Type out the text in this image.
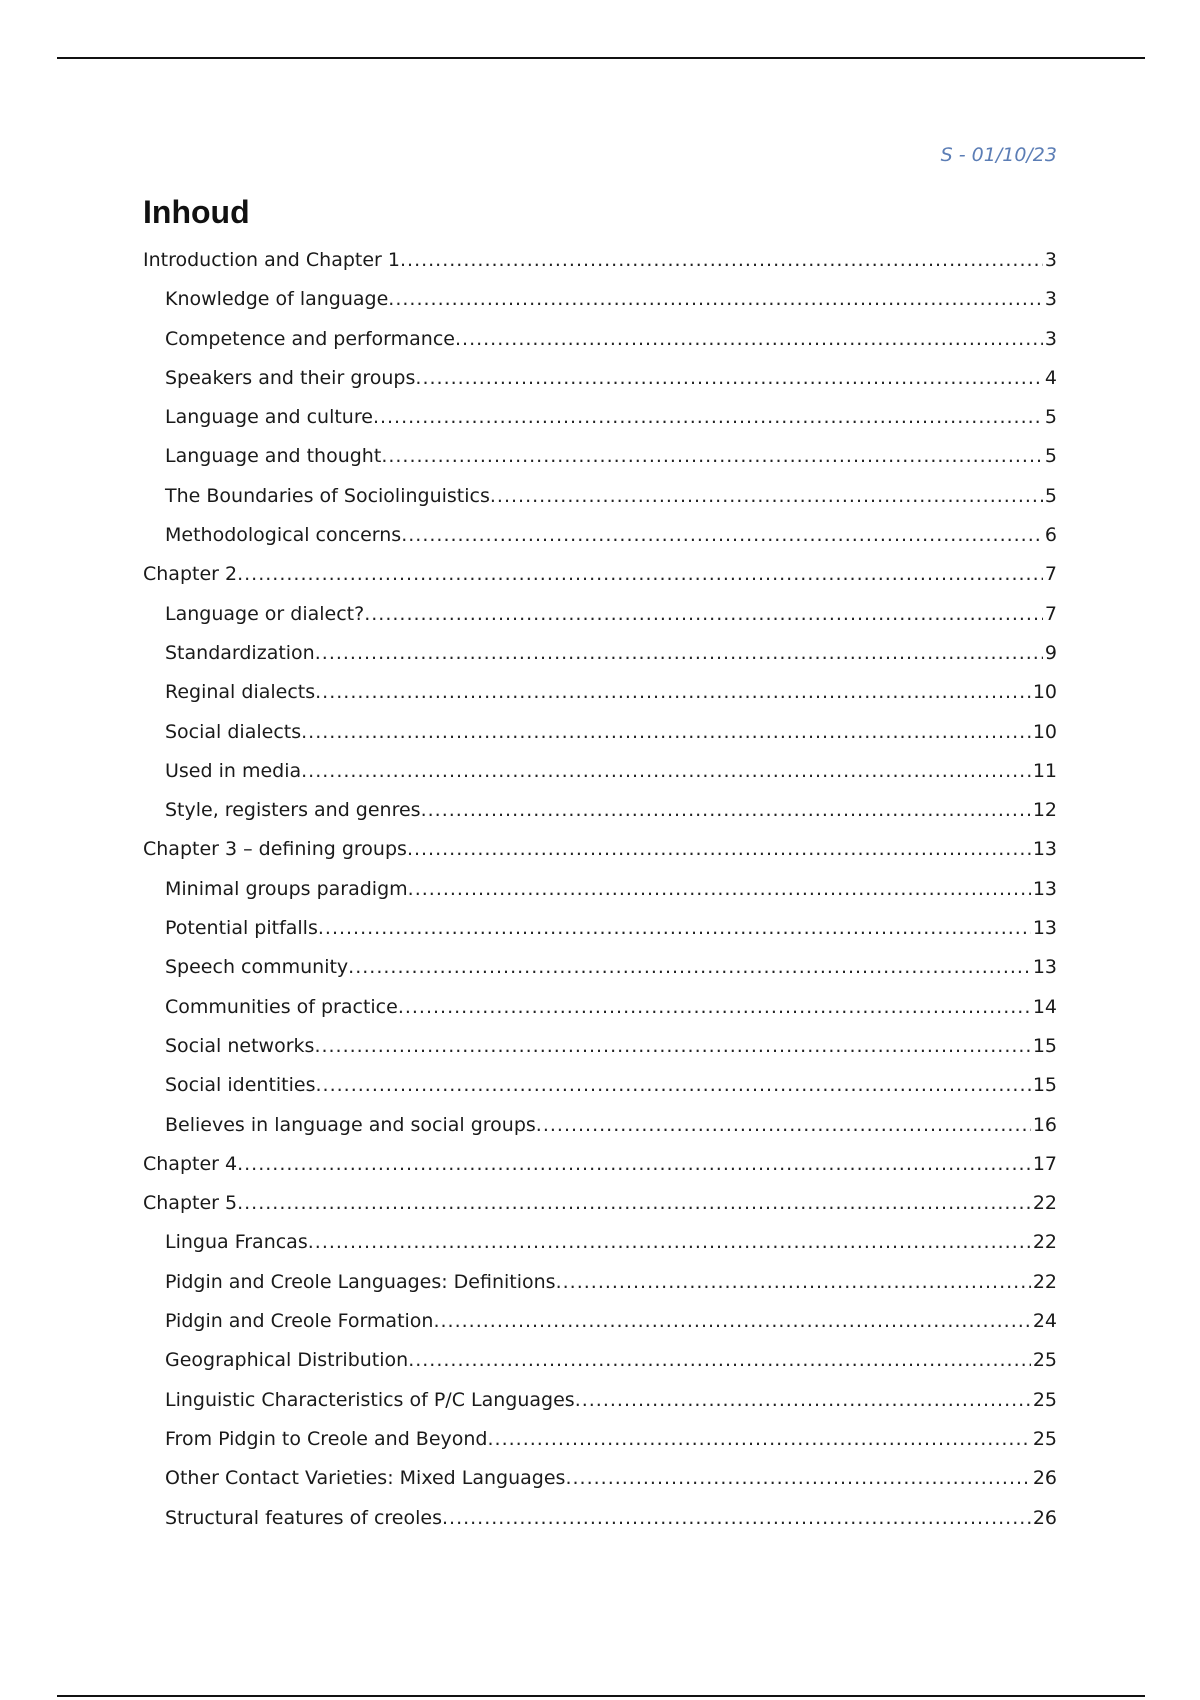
S - 01/10/23
Inhoud
Introduction and Chapter 1 .....	3
Knowledge of language .....	3
Competence and performance .....	3
Speakers and their groups .....	4
Language and culture .....	5
Language and thought .....	5
The Boundaries of Sociolinguistics .....	5
Methodological concerns .....	6
Chapter 2 .....	7
Language or dialect? .....	7
Standardization .....	9
Reginal dialects .....	10
Social dialects .....	10
Used in media .....	11
Style, registers and genres .....	12
Chapter 3 – defining groups .....	13
Minimal groups paradigm .....	13
Potential pitfalls .....	13
Speech community .....	13
Communities of practice .....	14
Social networks .....	15
Social identities .....	15
Believes in language and social groups .....	16
Chapter 4 .....	17
Chapter 5 .....	22
Lingua Francas .....	22
Pidgin and Creole Languages: Definitions .....	22
Pidgin and Creole Formation .....	24
Geographical Distribution .....	25
Linguistic Characteristics of P/C Languages .....	25
From Pidgin to Creole and Beyond .....	25
Other Contact Varieties: Mixed Languages .....	26
Structural features of creoles .....	26
